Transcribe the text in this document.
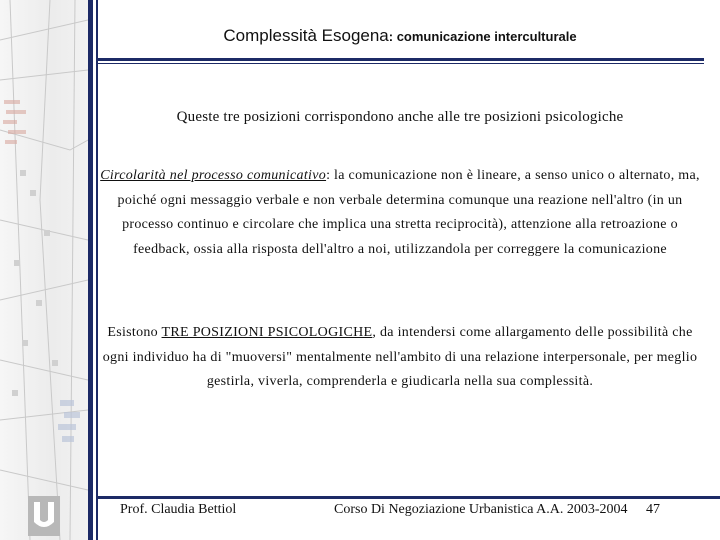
Complessità Esogena: comunicazione interculturale
Queste tre posizioni corrispondono anche alle tre posizioni psicologiche
Circolarità nel processo comunicativo: la comunicazione non è lineare, a senso unico o alternato, ma, poiché ogni messaggio verbale e non verbale determina comunque una reazione nell'altro (in un processo continuo e circolare che implica una stretta reciprocità), attenzione alla retroazione o feedback, ossia alla risposta dell'altro a noi, utilizzandola per correggere la comunicazione
Esistono TRE POSIZIONI PSICOLOGICHE, da intendersi come allargamento delle possibilità che ogni individuo ha di "muoversi" mentalmente nell'ambito di una relazione interpersonale, per meglio gestirla, viverla, comprenderla e giudicarla nella sua complessità.
Prof. Claudia Bettiol	Corso Di Negoziazione Urbanistica A.A. 2003-2004 47
